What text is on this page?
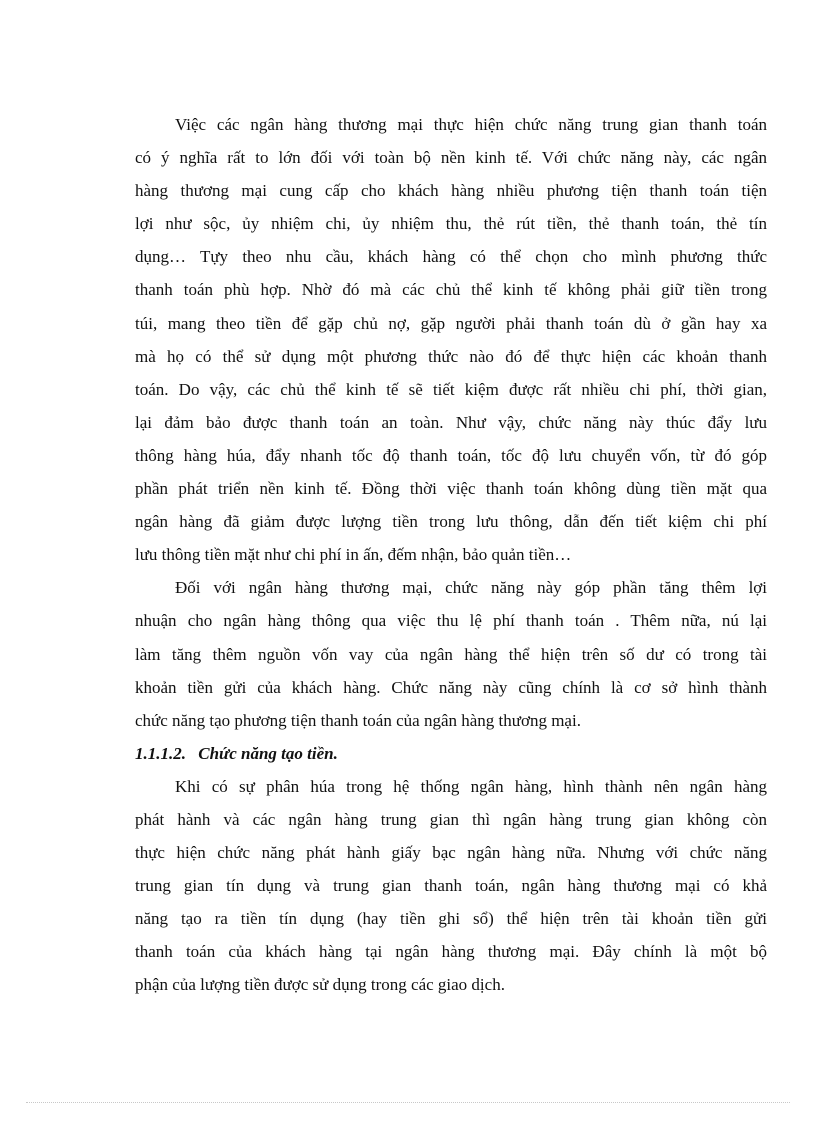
Việc các ngân hàng thương mại thực hiện chức năng trung gian thanh toán
có ý nghĩa rất to lớn đối với toàn bộ nền kinh tế. Với chức năng này, các ngân
hàng thương mại cung cấp cho khách hàng nhiều phương tiện thanh toán tiện
lợi như sộc, ủy nhiệm chi, ủy nhiệm thu, thẻ rút tiền, thẻ thanh toán, thẻ tín
dụng… Tựy theo nhu cầu, khách hàng có thể chọn cho mình phương thức
thanh toán phù hợp. Nhờ đó mà các chủ thể kinh tế không phải giữ tiền trong
túi, mang theo tiền để gặp chủ nợ, gặp người phải thanh toán dù ở gần hay xa
mà họ có thể sử dụng một phương thức nào đó để thực hiện các khoản thanh
toán. Do vậy, các chủ thể kinh tế sẽ tiết kiệm được rất nhiều chi phí, thời gian,
lại đảm bảo được thanh toán an toàn. Như vậy, chức năng này thúc đẩy lưu
thông hàng húa, đẩy nhanh tốc độ thanh toán, tốc độ lưu chuyển vốn, từ đó góp
phần phát triển nền kinh tế. Đồng thời việc thanh toán không dùng tiền mặt qua
ngân hàng đã giảm được lượng tiền trong lưu thông, dẫn đến tiết kiệm chi phí
lưu thông tiền mặt như chi phí in ấn, đếm nhận, bảo quản tiền…
Đối với ngân hàng thương mại, chức năng này góp phần tăng thêm lợi
nhuận cho ngân hàng thông qua việc thu lệ phí thanh toán . Thêm nữa, nú lại
làm tăng thêm nguồn vốn vay của ngân hàng thể hiện trên số dư có trong tài
khoản tiền gửi của khách hàng. Chức năng này cũng chính là cơ sở hình thành
chức năng tạo phương tiện thanh toán của ngân hàng thương mại.
1.1.1.2. Chức năng tạo tiền.
Khi có sự phân húa trong hệ thống ngân hàng, hình thành nên ngân hàng
phát hành và các ngân hàng trung gian thì ngân hàng trung gian không còn
thực hiện chức năng phát hành giấy bạc ngân hàng nữa. Nhưng với chức năng
trung gian tín dụng và trung gian thanh toán, ngân hàng thương mại có khả
năng tạo ra tiền tín dụng (hay tiền ghi sổ) thể hiện trên tài khoản tiền gửi
thanh toán của khách hàng tại ngân hàng thương mại. Đây chính là một bộ
phận của lượng tiền được sử dụng trong các giao dịch.
